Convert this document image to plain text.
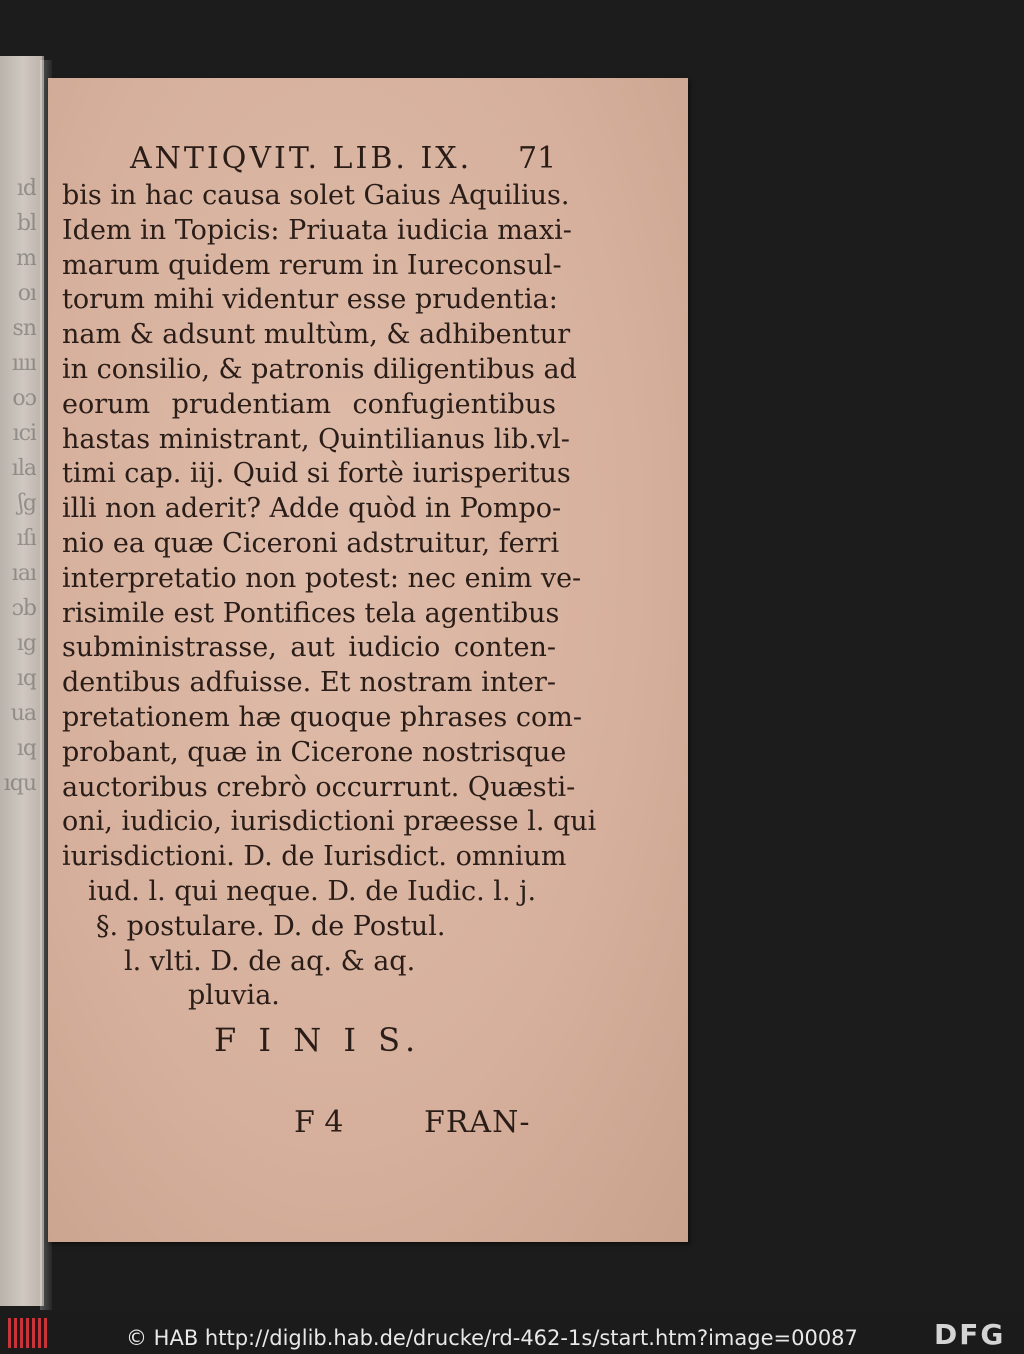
ıd
bl
m
oı
sn
ıııı
oɔ
ıci
ıla
ʃg
ıſı
ıaı
ɔb
ıg
ıq
ua
ıq
ıqu
ANTIQVIT. LIB. IX. 71
bis in hac causa solet Gaius Aquilius.
Idem in Topicis: Priuata iudicia maxi-
marum quidem rerum in Iureconsul-
torum mihi videntur esse prudentia:
nam & adsunt multùm, & adhibentur
in consilio, & patronis diligentibus ad
eorum prudentiam confugientibus
hastas ministrant, Quintilianus lib.vl-
timi cap. iij. Quid si fortè iurisperitus
illi non aderit? Adde quòd in Pompo-
nio ea quæ Ciceroni adstruitur, ferri
interpretatio non potest: nec enim ve-
risimile est Pontifices tela agentibus
subministrasse, aut iudicio conten-
dentibus adfuisse. Et nostram inter-
pretationem hæ quoque phrases com-
probant, quæ in Cicerone nostrisque
auctoribus crebrò occurrunt. Quæsti-
oni, iudicio, iurisdictioni præesse l. qui
iurisdictioni. D. de Iurisdict. omnium
iud. l. qui neque. D. de Iudic. l. j.
§. postulare. D. de Postul.
l. vlti. D. de aq. & aq.
pluvia.
F I N I S.
F 4	FRAN-
© HAB http://diglib.hab.de/drucke/rd-462-1s/start.htm?image=00087	DFG
